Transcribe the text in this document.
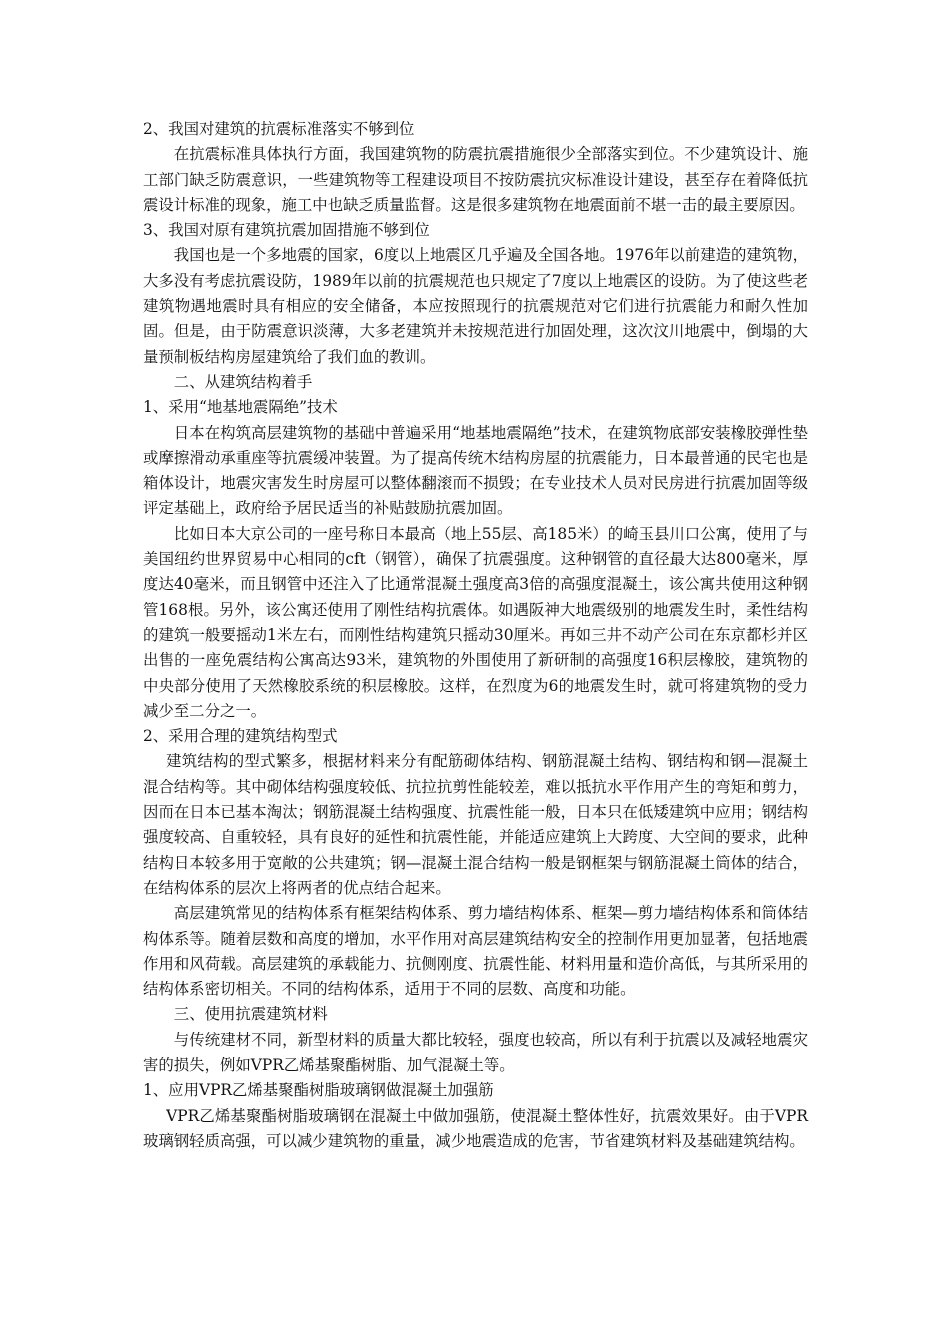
2、我国对建筑的抗震标准落实不够到位

在抗震标准具体执行方面，我国建筑物的防震抗震措施很少全部落实到位。不少建筑设计、施工部门缺乏防震意识，一些建筑物等工程建设项目不按防震抗灾标准设计建设，甚至存在着降低抗震设计标准的现象，施工中也缺乏质量监督。这是很多建筑物在地震面前不堪一击的最主要原因。

3、我国对原有建筑抗震加固措施不够到位

我国也是一个多地震的国家，6度以上地震区几乎遍及全国各地。1976年以前建造的建筑物，大多没有考虑抗震设防，1989年以前的抗震规范也只规定了7度以上地震区的设防。为了使这些老建筑物遇地震时具有相应的安全储备，本应按照现行的抗震规范对它们进行抗震能力和耐久性加固。但是，由于防震意识淡薄，大多老建筑并未按规范进行加固处理，这次汶川地震中，倒塌的大量预制板结构房屋建筑给了我们血的教训。

二、从建筑结构着手

1、采用“地基地震隔绝”技术

日本在构筑高层建筑物的基础中普遍采用“地基地震隔绝”技术，在建筑物底部安装橡胶弹性垫或摩擦滑动承重座等抗震缓冲装置。为了提高传统木结构房屋的抗震能力，日本最普通的民宅也是箱体设计，地震灾害发生时房屋可以整体翻滚而不损毁；在专业技术人员对民房进行抗震加固等级评定基础上，政府给予居民适当的补贴鼓励抗震加固。

比如日本大京公司的一座号称日本最高（地上55层、高185米）的崎玉县川口公寓，使用了与美国纽约世界贸易中心相同的cft（钢管），确保了抗震强度。这种钢管的直径最大达800毫米，厚度达40毫米，而且钢管中还注入了比通常混凝土强度高3倍的高强度混凝土，该公寓共使用这种钢管168根。另外，该公寓还使用了刚性结构抗震体。如遇阪神大地震级别的地震发生时，柔性结构的建筑一般要摇动1米左右，而刚性结构建筑只摇动30厘米。再如三井不动产公司在东京都杉并区出售的一座免震结构公寓高达93米，建筑物的外围使用了新研制的高强度16积层橡胶，建筑物的中央部分使用了天然橡胶系统的积层橡胶。这样，在烈度为6的地震发生时，就可将建筑物的受力减少至二分之一。

2、采用合理的建筑结构型式

建筑结构的型式繁多，根据材料来分有配筋砌体结构、钢筋混凝土结构、钢结构和钢—混凝土混合结构等。其中砌体结构强度较低、抗拉抗剪性能较差，难以抵抗水平作用产生的弯矩和剪力，因而在日本已基本淘汰；钢筋混凝土结构强度、抗震性能一般，日本只在低矮建筑中应用；钢结构强度较高、自重较轻，具有良好的延性和抗震性能，并能适应建筑上大跨度、大空间的要求，此种结构日本较多用于宽敞的公共建筑；钢—混凝土混合结构一般是钢框架与钢筋混凝土筒体的结合，在结构体系的层次上将两者的优点结合起来。

高层建筑常见的结构体系有框架结构体系、剪力墙结构体系、框架—剪力墙结构体系和筒体结构体系等。随着层数和高度的增加，水平作用对高层建筑结构安全的控制作用更加显著，包括地震作用和风荷载。高层建筑的承载能力、抗侧刚度、抗震性能、材料用量和造价高低，与其所采用的结构体系密切相关。不同的结构体系，适用于不同的层数、高度和功能。

三、使用抗震建筑材料

与传统建材不同，新型材料的质量大都比较轻，强度也较高，所以有利于抗震以及减轻地震灾害的损失，例如VPR乙烯基聚酯树脂、加气混凝土等。

1、应用VPR乙烯基聚酯树脂玻璃钢做混凝土加强筋

VPR乙烯基聚酯树脂玻璃钢在混凝土中做加强筋，使混凝土整体性好，抗震效果好。由于VPR玻璃钢轻质高强，可以减少建筑物的重量，减少地震造成的危害，节省建筑材料及基础建筑结构。
